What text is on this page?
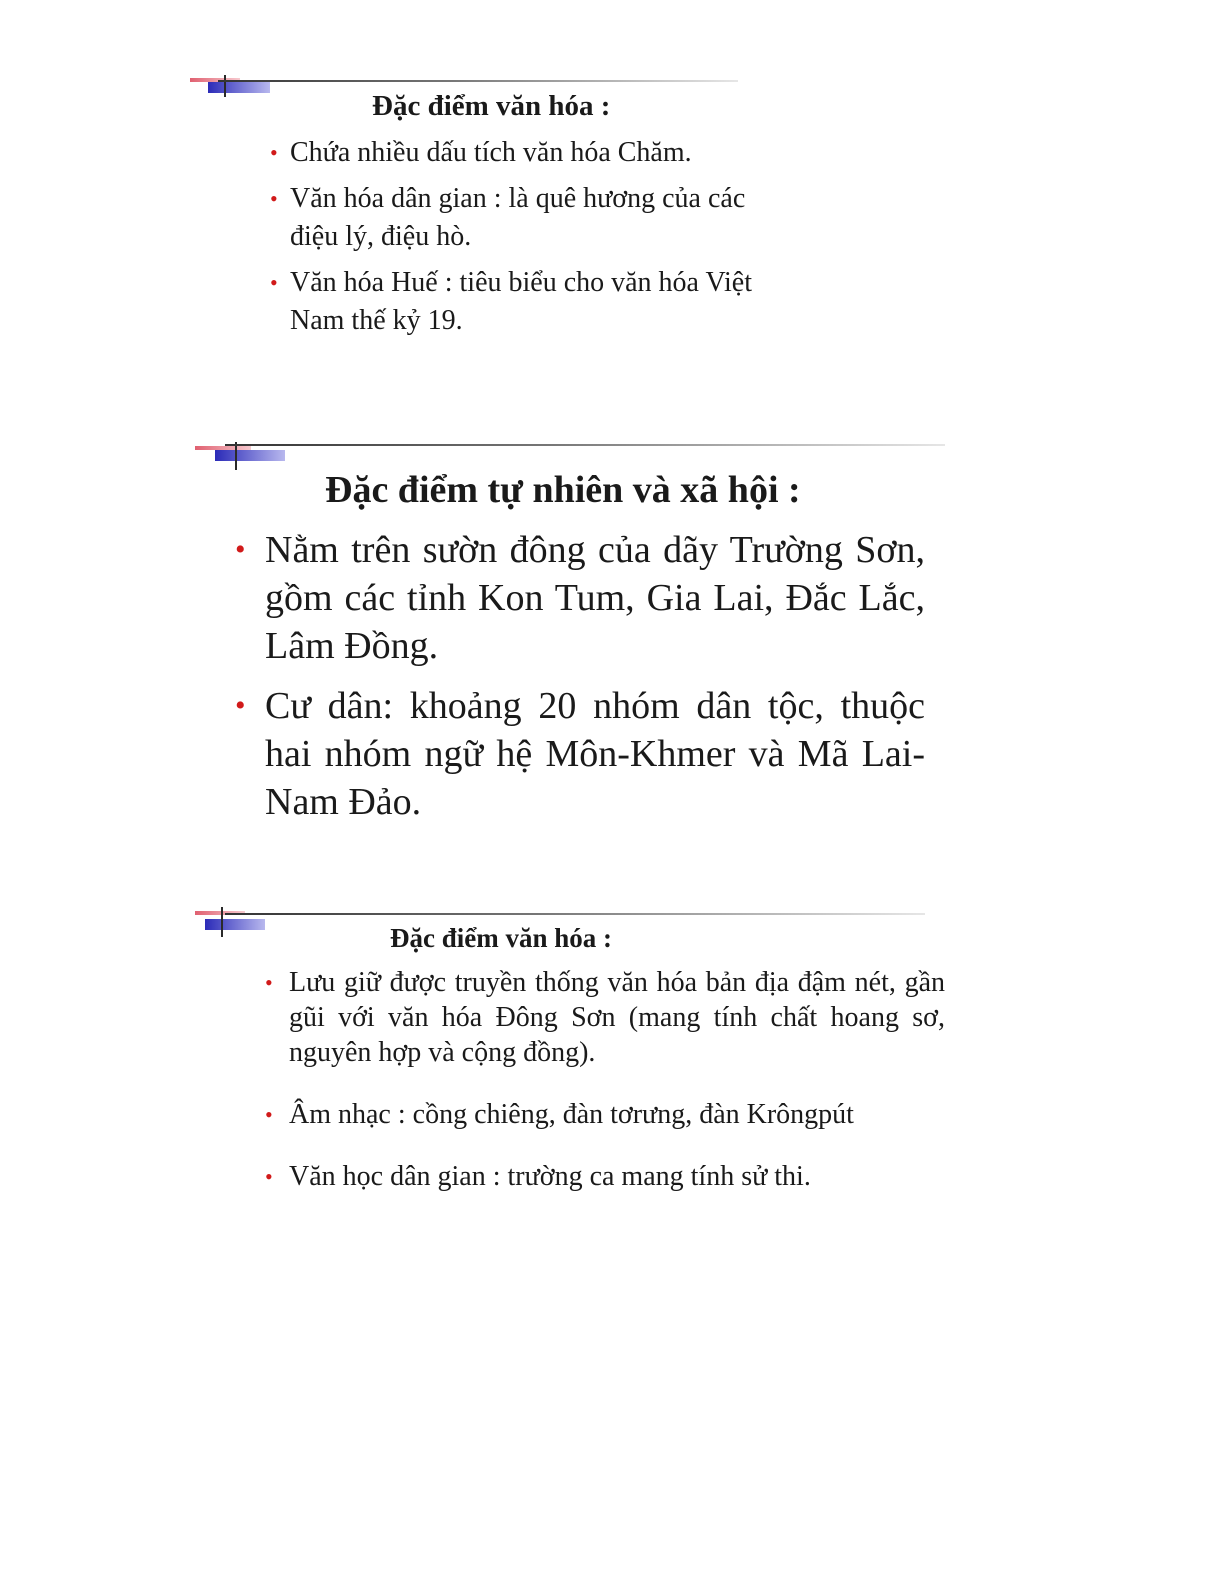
Đặc điểm văn hóa :
• Chứa nhiều dấu tích văn hóa Chăm.
• Văn hóa dân gian : là quê hương của các điệu lý, điệu hò.
• Văn hóa Huế : tiêu biểu cho văn hóa Việt Nam thế kỷ 19.
Đặc điểm tự nhiên và xã hội :
• Nằm trên sườn đông của dãy Trường Sơn, gồm các tỉnh Kon Tum, Gia Lai, Đắc Lắc, Lâm Đồng.
• Cư dân: khoảng 20 nhóm dân tộc, thuộc hai nhóm ngữ hệ Môn-Khmer và Mã Lai-Nam Đảo.
Đặc điểm văn hóa :
• Lưu giữ được truyền thống văn hóa bản địa đậm nét, gần gũi với văn hóa Đông Sơn (mang tính chất hoang sơ, nguyên hợp và cộng đồng).
• Âm nhạc : cồng chiêng, đàn tơrưng, đàn Krôngpút
• Văn học dân gian : trường ca mang tính sử thi.
